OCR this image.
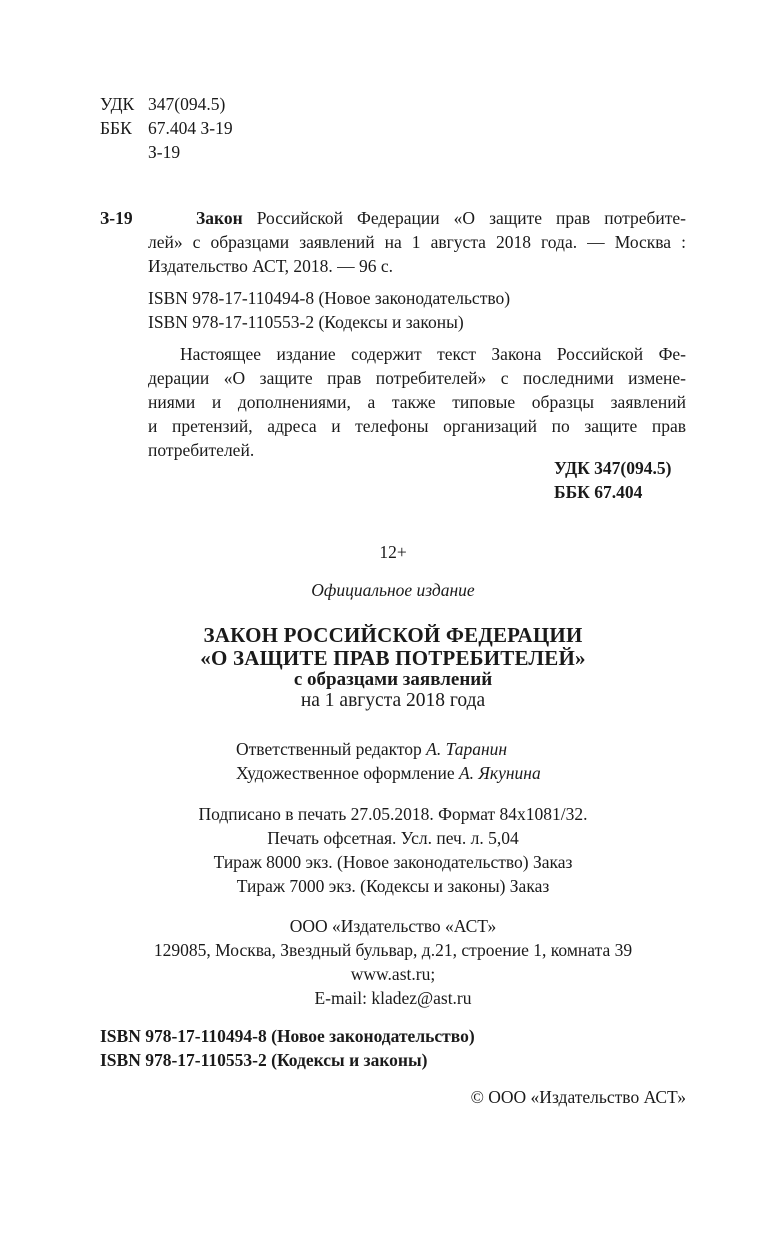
УДК 347(094.5)
ББК 67.404 З-19
З-19
З-19	Закон Российской Федерации «О защите прав потребите-
лей» с образцами заявлений на 1 августа 2018 года. — Москва :
Издательство АСТ, 2018. — 96 с.
ISBN 978-17-110494-8 (Новое законодательство)
ISBN 978-17-110553-2 (Кодексы и законы)
Настоящее издание содержит текст Закона Российской Фе-
дерации «О защите прав потребителей» с последними измене-
ниями и дополнениями, а также типовые образцы заявлений
и претензий, адреса и телефоны организаций по защите прав
потребителей.
УДК 347(094.5)
ББК 67.404
12+
Официальное издание
ЗАКОН РОССИЙСКОЙ ФЕДЕРАЦИИ
«О ЗАЩИТЕ ПРАВ ПОТРЕБИТЕЛЕЙ»
с образцами заявлений
на 1 августа 2018 года
Ответственный редактор А. Таранин
Художественное оформление А. Якунина
Подписано в печать 27.05.2018. Формат 84x1081/32.
Печать офсетная. Усл. печ. л. 5,04
Тираж 8000 экз. (Новое законодательство) Заказ
Тираж 7000 экз. (Кодексы и законы) Заказ
ООО «Издательство «АСТ»
129085, Москва, Звездный бульвар, д.21, строение 1, комната 39
www.ast.ru;
E-mail: kladez@ast.ru
ISBN 978-17-110494-8 (Новое законодательство)
ISBN 978-17-110553-2 (Кодексы и законы)
© ООО «Издательство АСТ»
